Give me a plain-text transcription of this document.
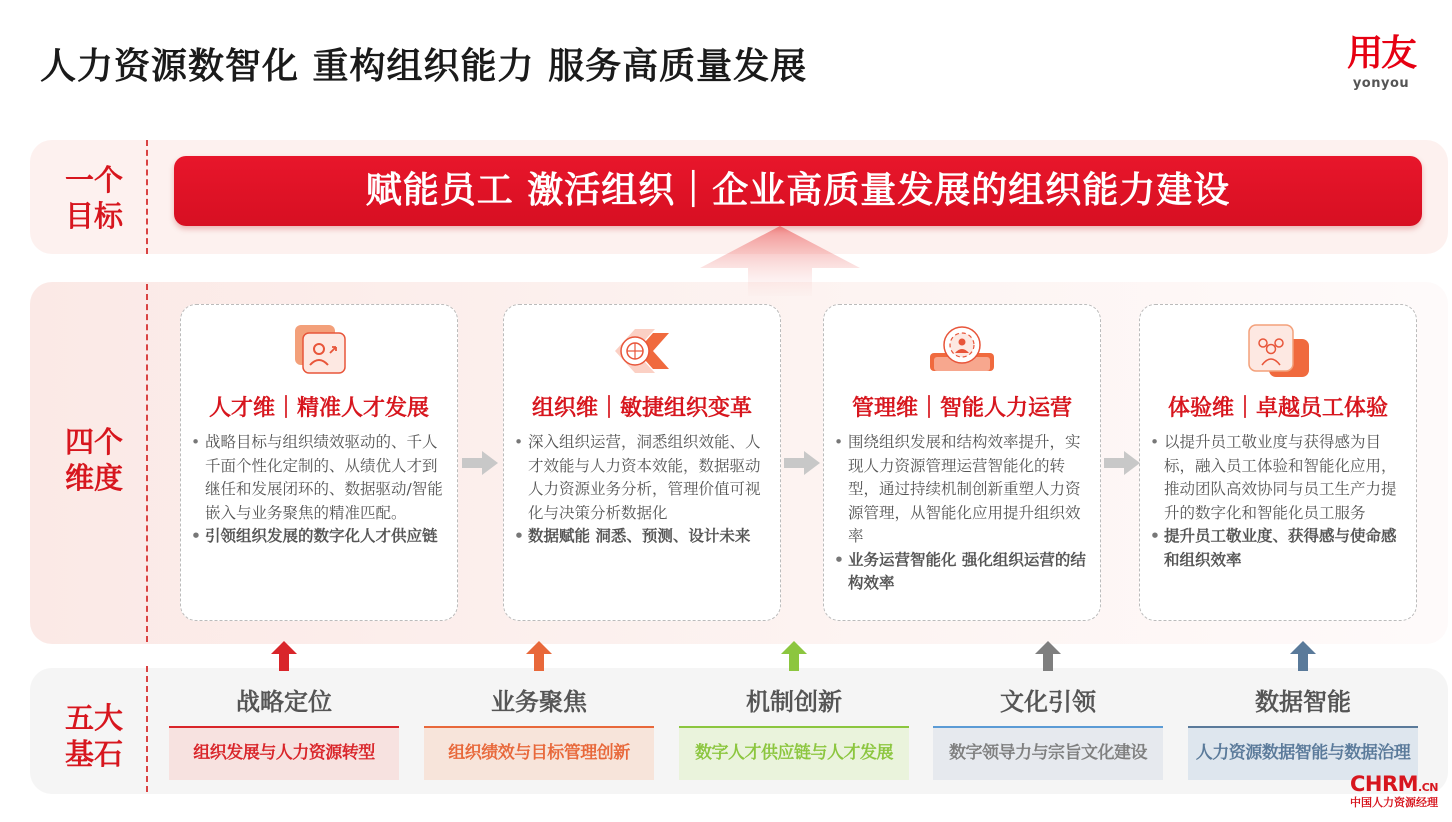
人力资源数智化 重构组织能力 服务高质量发展	用友
yonyou
一个
目标
四个
维度
五大
基石
赋能员工 激活组织｜企业高质量发展的组织能力建设
人才维｜精准人才发展
• 战略目标与组织绩效驱动的、千人千面个性化定制的、从绩优人才到继任和发展闭环的、数据驱动/智能嵌入与业务聚焦的精准匹配。
• 引领组织发展的数字化人才供应链
组织维｜敏捷组织变革
• 深入组织运营，洞悉组织效能、人才效能与人力资本效能，数据驱动人力资源业务分析，管理价值可视化与决策分析数据化
• 数据赋能 洞悉、预测、设计未来
管理维｜智能人力运营
• 围绕组织发展和结构效率提升，实现人力资源管理运营智能化的转型，通过持续机制创新重塑人力资源管理，从智能化应用提升组织效率
• 业务运营智能化 强化组织运营的结构效率
体验维｜卓越员工体验
• 以提升员工敬业度与获得感为目标，融入员工体验和智能化应用，推动团队高效协同与员工生产力提升的数字化和智能化员工服务
• 提升员工敬业度、获得感与使命感和组织效率
战略定位
组织发展与人力资源转型
业务聚焦
组织绩效与目标管理创新
机制创新
数字人才供应链与人才发展
文化引领
数字领导力与宗旨文化建设
数据智能
人力资源数据智能与数据治理
CHRM.CN
中国人力资源经理
